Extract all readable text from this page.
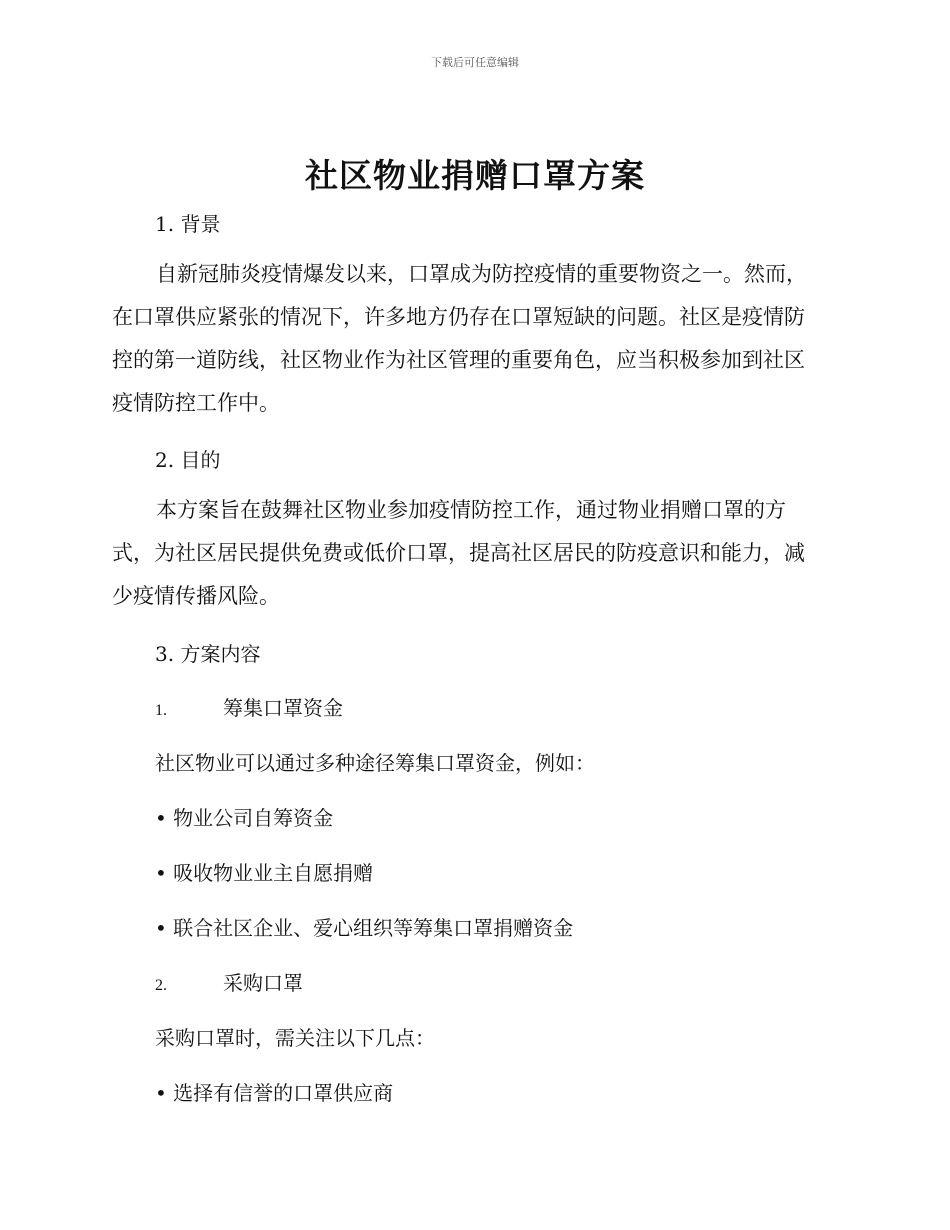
下载后可任意编辑
社区物业捐赠口罩方案
1. 背景
自新冠肺炎疫情爆发以来，口罩成为防控疫情的重要物资之一。然而，
在口罩供应紧张的情况下，许多地方仍存在口罩短缺的问题。社区是疫情防
控的第一道防线，社区物业作为社区管理的重要角色，应当积极参加到社区
疫情防控工作中。
2. 目的
本方案旨在鼓舞社区物业参加疫情防控工作，通过物业捐赠口罩的方
式，为社区居民提供免费或低价口罩，提高社区居民的防疫意识和能力，减
少疫情传播风险。
3. 方案内容
1.	筹集口罩资金
社区物业可以通过多种途径筹集口罩资金，例如：
• 物业公司自筹资金
• 吸收物业业主自愿捐赠
• 联合社区企业、爱心组织等筹集口罩捐赠资金
2.	采购口罩
采购口罩时，需关注以下几点：
• 选择有信誉的口罩供应商
